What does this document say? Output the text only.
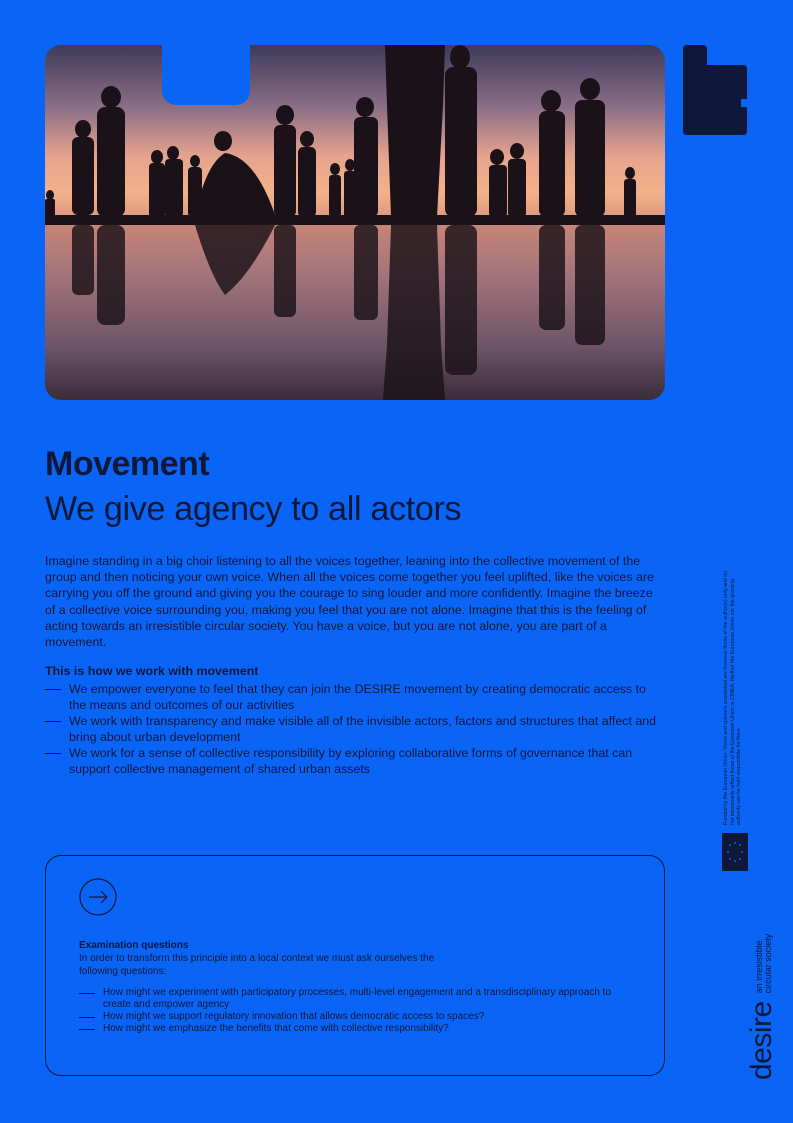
Movement
We give agency to all actors

Imagine standing in a big choir listening to all the voices together, leaning into the collective movement of the group and then noticing your own voice. When all the voices come together you feel uplifted, like the voices are carrying you off the ground and giving you the courage to sing louder and more confidently. Imagine the breeze of a collective voice surrounding you, making you feel that you are not alone. Imagine that this is the feeling of acting towards an irresistible circular society. You have a voice, but you are not alone, you are part of a movement.

This is how we work with movement

We empower everyone to feel that they can join the DESIRE movement by creating democratic access to the means and outcomes of our activities
We work with transparency and make visible all of the invisible actors, factors and structures that affect and bring about urban development
We work for a sense of collective responsibility by exploring collaborative forms of governance that can support collective management of shared urban assets

Examination questions

In order to transform this principle into a local context we must ask ourselves the following questions:

How might we experiment with participatory processes, multi-level engagement and a transdisciplinary approach to create and empower agency
How might we support regulatory innovation that allows democratic access to spaces?
How might we emphasize the benefits that come with collective responsibility?
Funded by the European Union. Views and opinions expressed are however those of the author(s) only and do not necessarily reflect those of the European Union or CINEA. Neither the European Union nor the granting authority can be held responsible for them.
desire
an irresistible
circular society
